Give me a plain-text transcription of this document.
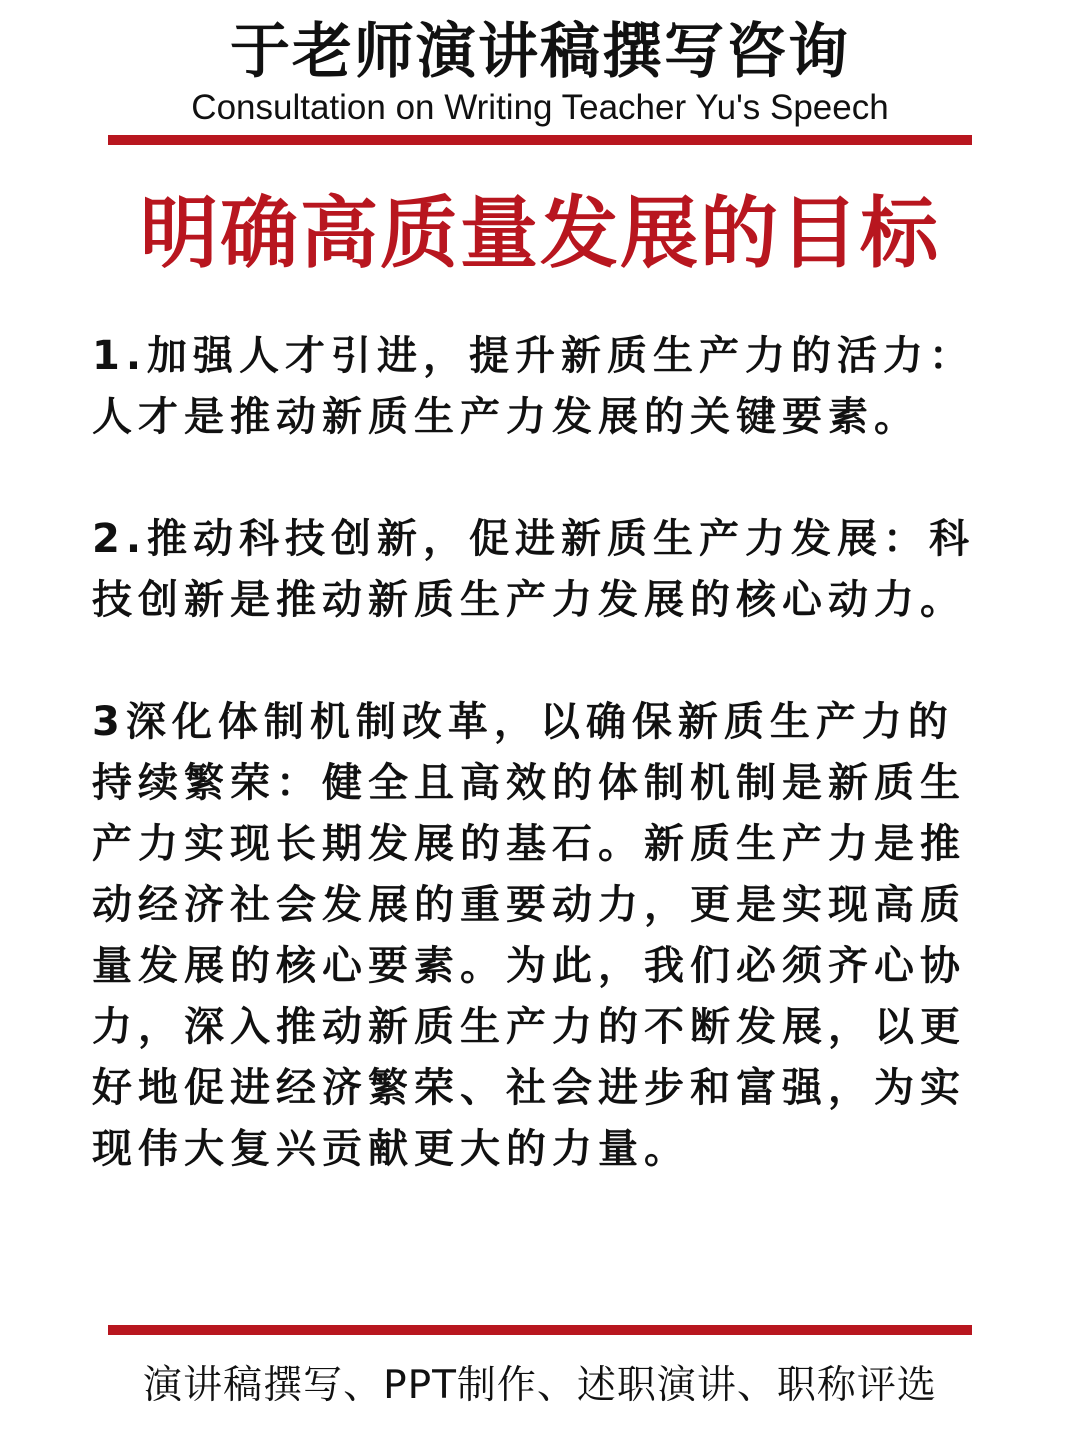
于老师演讲稿撰写咨询
Consultation on Writing Teacher Yu's Speech
明确高质量发展的目标

1.加强人才引进，提升新质生产力的活力：人才是推动新质生产力发展的关键要素。

2.推动科技创新，促进新质生产力发展：科技创新是推动新质生产力发展的核心动力。

3深化体制机制改革，以确保新质生产力的持续繁荣：健全且高效的体制机制是新质生产力实现长期发展的基石。新质生产力是推动经济社会发展的重要动力，更是实现高质量发展的核心要素。为此，我们必须齐心协力，深入推动新质生产力的不断发展，以更好地促进经济繁荣、社会进步和富强，为实现伟大复兴贡献更大的力量。

演讲稿撰写、PPT制作、述职演讲、职称评选
